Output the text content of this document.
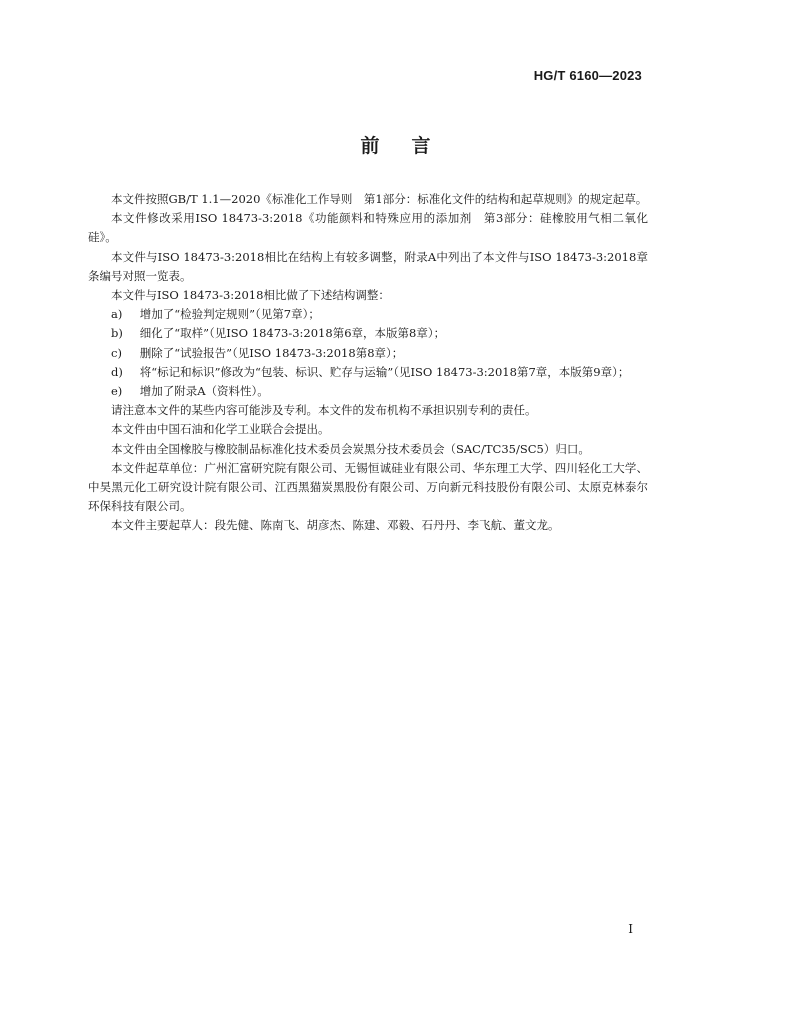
HG/T 6160—2023
前言

本文件按照GB/T 1.1—2020《标准化工作导则　第1部分：标准化文件的结构和起草规则》的规定起草。

本文件修改采用ISO 18473-3:2018《功能颜料和特殊应用的添加剂　第3部分：硅橡胶用气相二氧化硅》。

本文件与ISO 18473-3:2018相比在结构上有较多调整，附录A中列出了本文件与ISO 18473-3:2018章条编号对照一览表。

本文件与ISO 18473-3:2018相比做了下述结构调整：

a) 增加了“检验判定规则”（见第7章）；

b) 细化了“取样”（见ISO 18473-3:2018第6章，本版第8章）；

c) 删除了“试验报告”（见ISO 18473-3:2018第8章）；

d) 将“标记和标识”修改为“包装、标识、贮存与运输”（见ISO 18473-3:2018第7章，本版第9章）；

e) 增加了附录A（资料性）。

请注意本文件的某些内容可能涉及专利。本文件的发布机构不承担识别专利的责任。

本文件由中国石油和化学工业联合会提出。

本文件由全国橡胶与橡胶制品标准化技术委员会炭黑分技术委员会（SAC/TC35/SC5）归口。

本文件起草单位：广州汇富研究院有限公司、无锡恒诚硅业有限公司、华东理工大学、四川轻化工大学、中昊黑元化工研究设计院有限公司、江西黑猫炭黑股份有限公司、万向新元科技股份有限公司、太原克林泰尔环保科技有限公司。

本文件主要起草人：段先健、陈南飞、胡彦杰、陈建、邓毅、石丹丹、李飞航、董文龙。

I
